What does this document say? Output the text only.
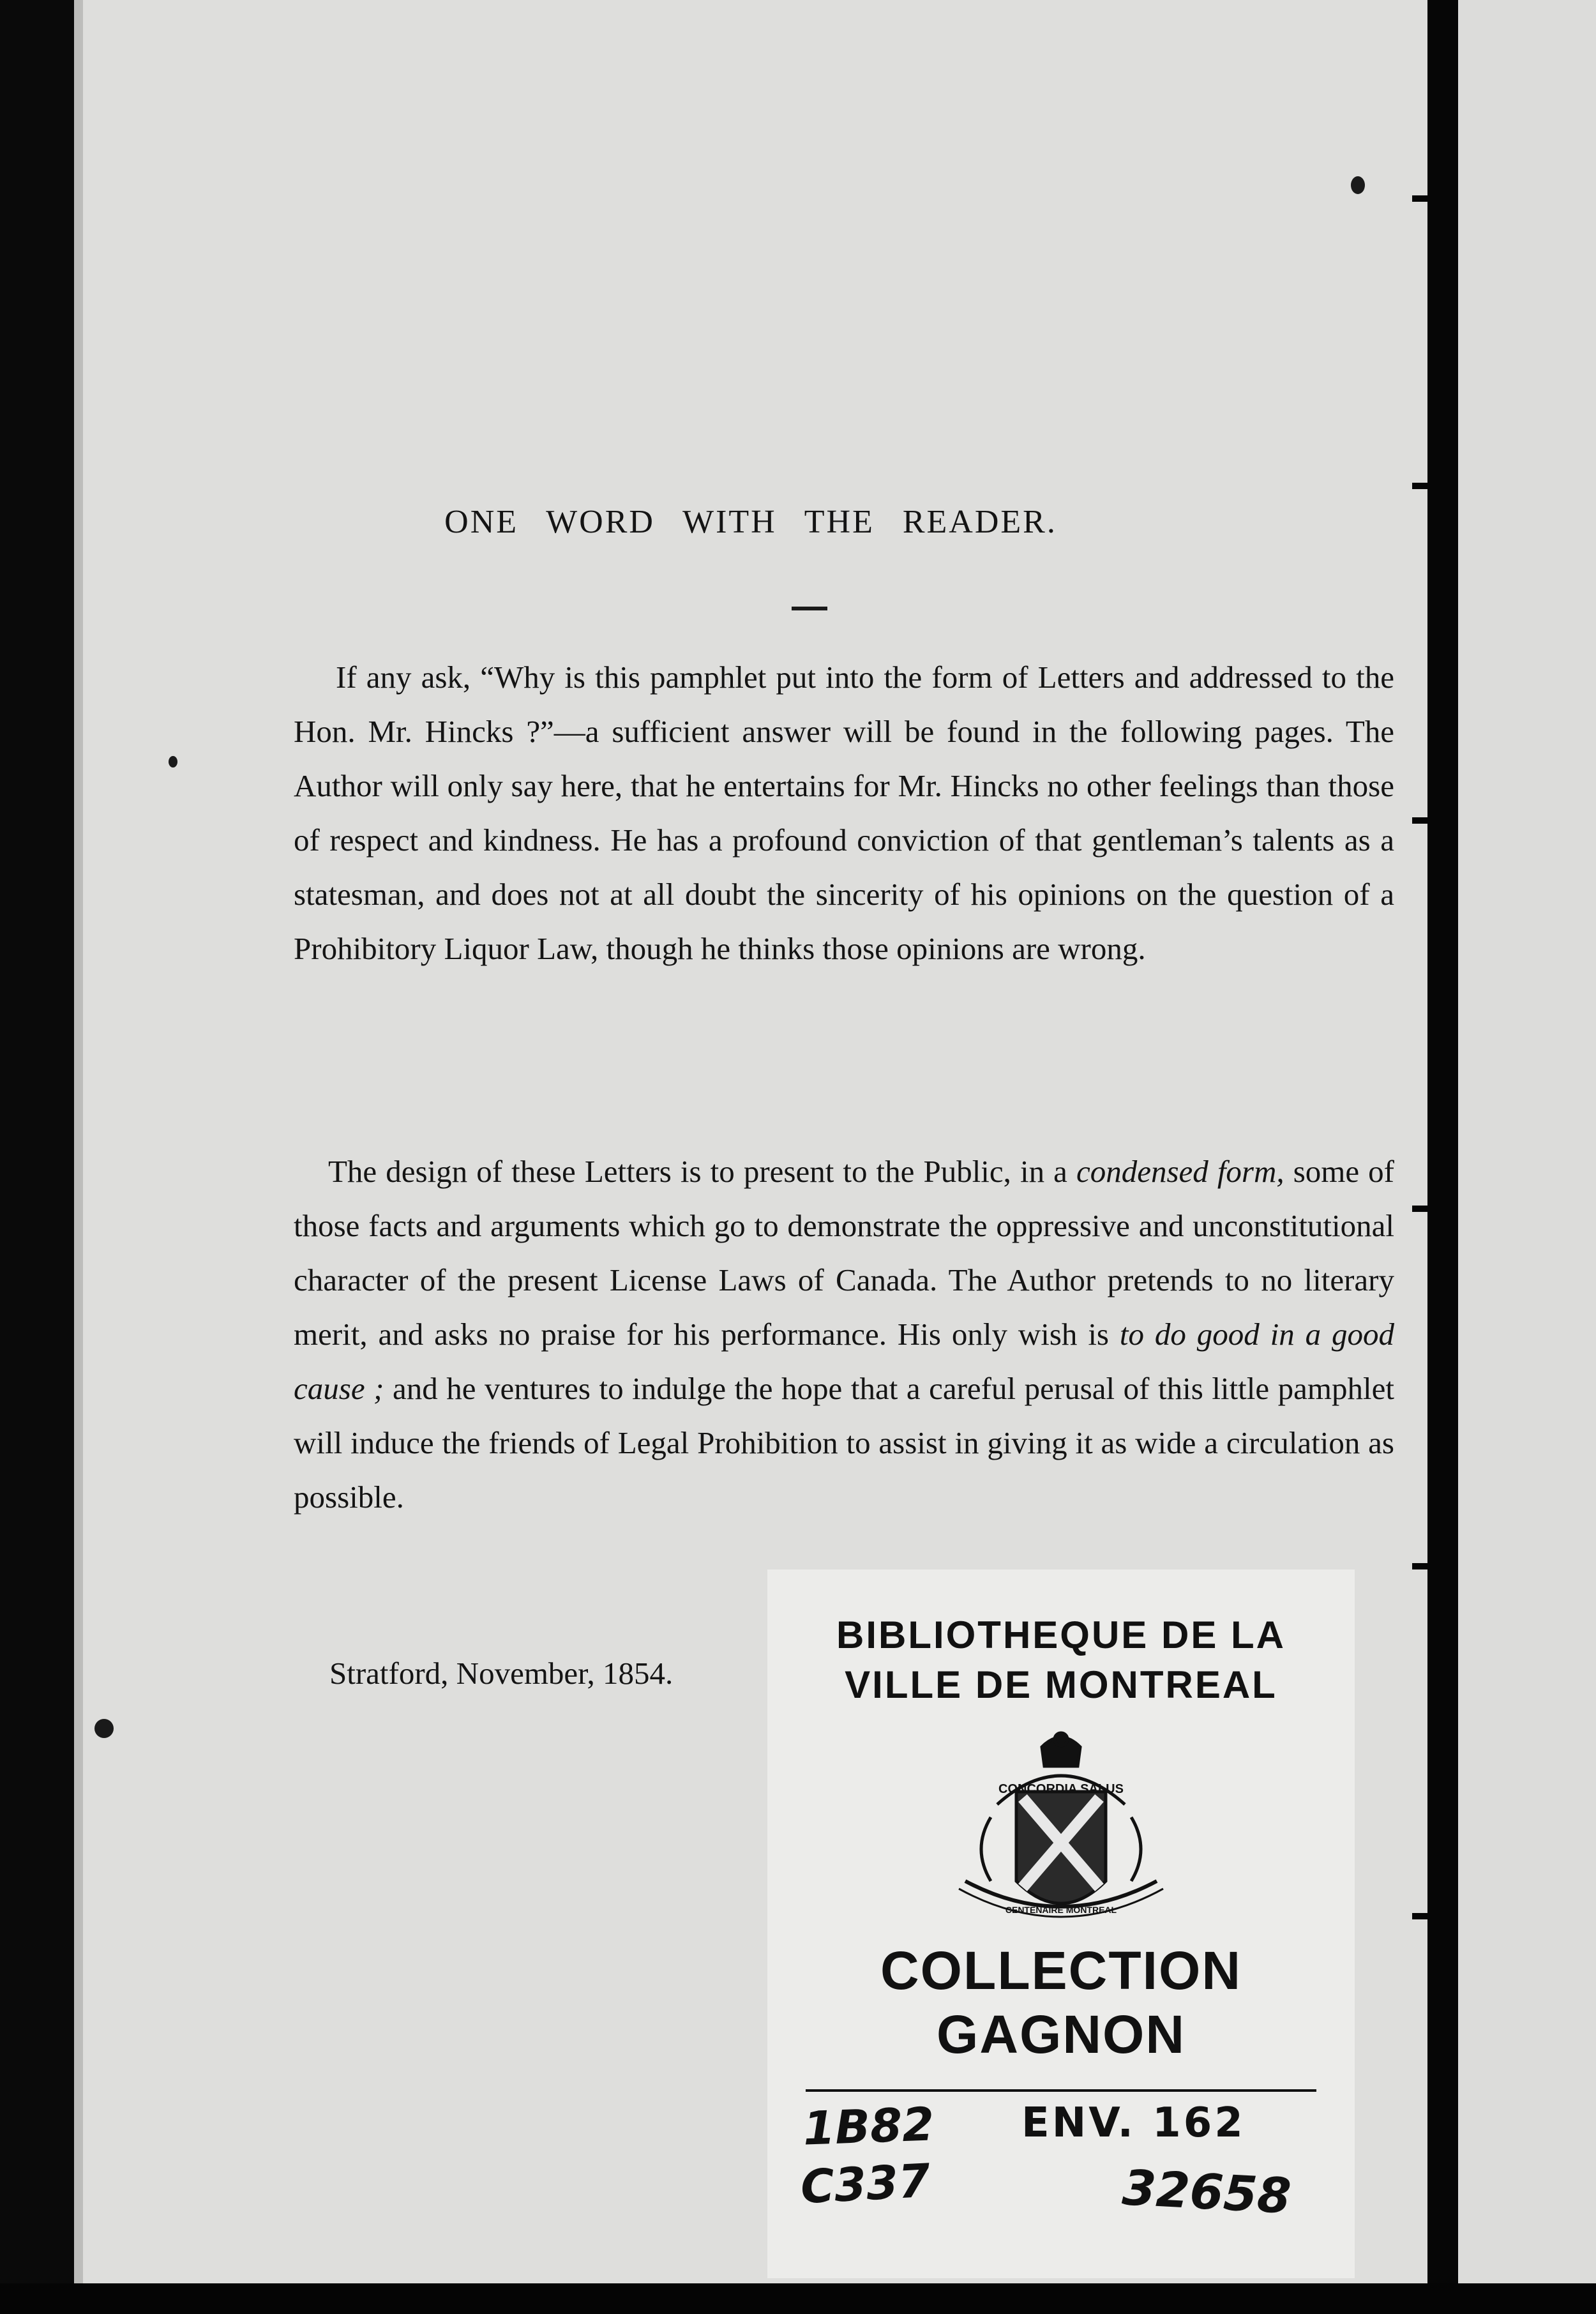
ONE WORD WITH THE READER.

If any ask, “Why is this pamphlet put into the form of Letters and addressed to the Hon. Mr. Hincks ?”—a sufficient answer will be found in the following pages. The Author will only say here, that he entertains for Mr. Hincks no other feelings than those of respect and kindness. He has a profound conviction of that gentleman’s talents as a statesman, and does not at all doubt the sincerity of his opinions on the question of a Prohibitory Liquor Law, though he thinks those opinions are wrong.

The design of these Letters is to present to the Public, in a condensed form, some of those facts and arguments which go to demonstrate the oppressive and unconstitutional character of the present License Laws of Canada. The Author pretends to no literary merit, and asks no praise for his performance. His only wish is to do good in a good cause ; and he ventures to indulge the hope that a careful perusal of this little pamphlet will induce the friends of Legal Prohibition to assist in giving it as wide a circulation as possible.

Stratford, November, 1854.

BIBLIOTHEQUE DE LA

VILLE DE MONTREAL

CONCORDIA SALUS
CENTENAIRE MONTREAL

COLLECTION

GAGNON

1B82

C337

ENV. 162

32658
